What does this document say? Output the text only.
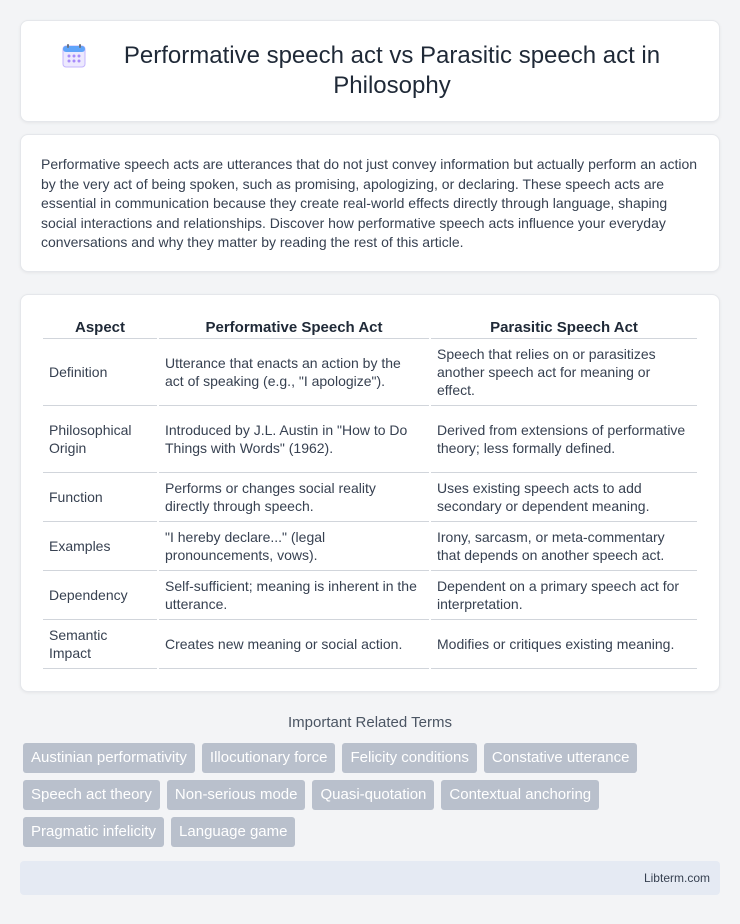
Performative speech act vs Parasitic speech act in Philosophy

Performative speech acts are utterances that do not just convey information but actually perform an action by the very act of being spoken, such as promising, apologizing, or declaring. These speech acts are essential in communication because they create real-world effects directly through language, shaping social interactions and relationships. Discover how performative speech acts influence your everyday conversations and why they matter by reading the rest of this article.

Aspect	Performative Speech Act	Parasitic Speech Act
Definition	Utterance that enacts an action by the act of speaking (e.g., "I apologize").	Speech that relies on or parasitizes another speech act for meaning or effect.
Philosophical Origin	Introduced by J.L. Austin in "How to Do Things with Words" (1962).	Derived from extensions of performative theory; less formally defined.
Function	Performs or changes social reality directly through speech.	Uses existing speech acts to add secondary or dependent meaning.
Examples	"I hereby declare..." (legal pronouncements, vows).	Irony, sarcasm, or meta-commentary that depends on another speech act.
Dependency	Self-sufficient; meaning is inherent in the utterance.	Dependent on a primary speech act for interpretation.
Semantic Impact	Creates new meaning or social action.	Modifies or critiques existing meaning.
Important Related Terms
Austinian performativity	Illocutionary force	Felicity conditions	Constative utterance
Speech act theory	Non-serious mode	Quasi-quotation	Contextual anchoring
Pragmatic infelicity	Language game
Libterm.com
